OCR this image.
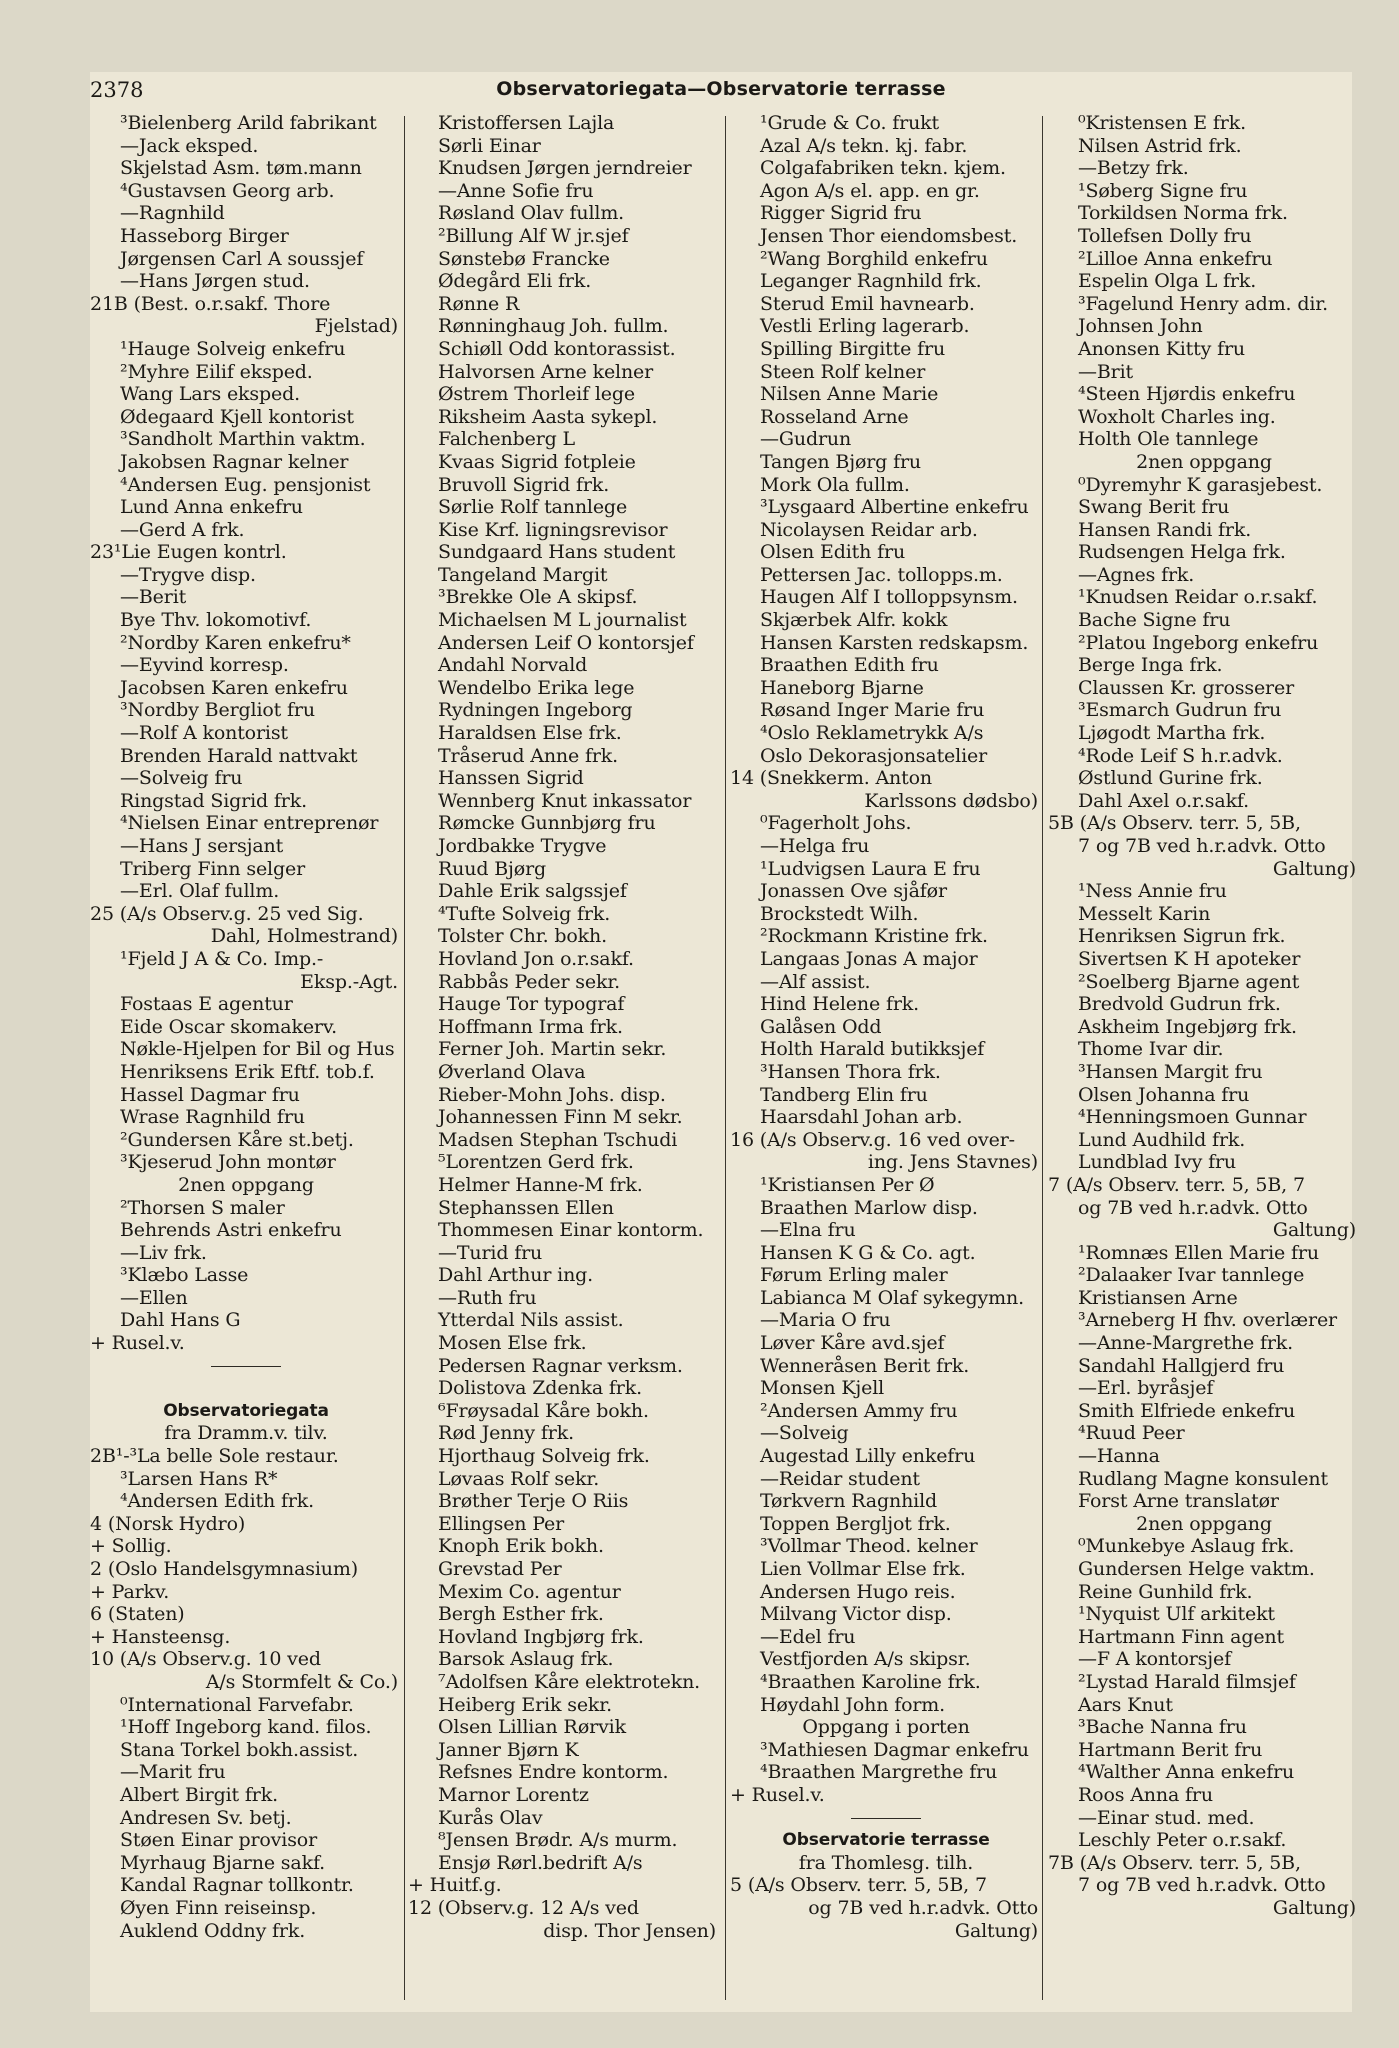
2378	Observatoriegata—Observatorie terrasse
³Bielenberg Arild fabrikant
—Jack eksped.
Skjelstad Asm. tøm.mann
⁴Gustavsen Georg arb.
—Ragnhild
Hasseborg Birger
Jørgensen Carl A soussjef
—Hans Jørgen stud.
21B (Best. o.r.sakf. Thore
Fjelstad)
¹Hauge Solveig enkefru
²Myhre Eilif eksped.
Wang Lars eksped.
Ødegaard Kjell kontorist
³Sandholt Marthin vaktm.
Jakobsen Ragnar kelner
⁴Andersen Eug. pensjonist
Lund Anna enkefru
—Gerd A frk.
23¹Lie Eugen kontrl.
—Trygve disp.
—Berit
Bye Thv. lokomotivf.
²Nordby Karen enkefru*
—Eyvind korresp.
Jacobsen Karen enkefru
³Nordby Bergliot fru
—Rolf A kontorist
Brenden Harald nattvakt
—Solveig fru
Ringstad Sigrid frk.
⁴Nielsen Einar entreprenør
—Hans J sersjant
Triberg Finn selger
—Erl. Olaf fullm.
25 (A/s Observ.g. 25 ved Sig.
Dahl, Holmestrand)
¹Fjeld J A & Co. Imp.-
Eksp.-Agt.
Fostaas E agentur
Eide Oscar skomakerv.
Nøkle-Hjelpen for Bil og Hus
Henriksens Erik Eftf. tob.f.
Hassel Dagmar fru
Wrase Ragnhild fru
²Gundersen Kåre st.betj.
³Kjeserud John montør
2nen oppgang
²Thorsen S maler
Behrends Astri enkefru
—Liv frk.
³Klæbo Lasse
—Ellen
Dahl Hans G
+ Rusel.v.
Observatoriegata
fra Dramm.v. tilv.
2B¹-³La belle Sole restaur.
³Larsen Hans R*
⁴Andersen Edith frk.
4 (Norsk Hydro)
+ Sollig.
2 (Oslo Handelsgymnasium)
+ Parkv.
6 (Staten)
+ Hansteensg.
10 (A/s Observ.g. 10 ved
A/s Stormfelt & Co.)
⁰International Farvefabr.
¹Hoff Ingeborg kand. filos.
Stana Torkel bokh.assist.
—Marit fru
Albert Birgit frk.
Andresen Sv. betj.
Støen Einar provisor
Myrhaug Bjarne sakf.
Kandal Ragnar tollkontr.
Øyen Finn reiseinsp.
Auklend Oddny frk.
Kristoffersen Lajla
Sørli Einar
Knudsen Jørgen jerndreier
—Anne Sofie fru
Røsland Olav fullm.
²Billung Alf W jr.sjef
Sønstebø Francke
Ødegård Eli frk.
Rønne R
Rønninghaug Joh. fullm.
Schiøll Odd kontorassist.
Halvorsen Arne kelner
Østrem Thorleif lege
Riksheim Aasta sykepl.
Falchenberg L
Kvaas Sigrid fotpleie
Bruvoll Sigrid frk.
Sørlie Rolf tannlege
Kise Krf. ligningsrevisor
Sundgaard Hans student
Tangeland Margit
³Brekke Ole A skipsf.
Michaelsen M L journalist
Andersen Leif O kontorsjef
Andahl Norvald
Wendelbo Erika lege
Rydningen Ingeborg
Haraldsen Else frk.
Tråserud Anne frk.
Hanssen Sigrid
Wennberg Knut inkassator
Rømcke Gunnbjørg fru
Jordbakke Trygve
Ruud Bjørg
Dahle Erik salgssjef
⁴Tufte Solveig frk.
Tolster Chr. bokh.
Hovland Jon o.r.sakf.
Rabbås Peder sekr.
Hauge Tor typograf
Hoffmann Irma frk.
Ferner Joh. Martin sekr.
Øverland Olava
Rieber-Mohn Johs. disp.
Johannessen Finn M sekr.
Madsen Stephan Tschudi
⁵Lorentzen Gerd frk.
Helmer Hanne-M frk.
Stephanssen Ellen
Thommesen Einar kontorm.
—Turid fru
Dahl Arthur ing.
—Ruth fru
Ytterdal Nils assist.
Mosen Else frk.
Pedersen Ragnar verksm.
Dolistova Zdenka frk.
⁶Frøysadal Kåre bokh.
Rød Jenny frk.
Hjorthaug Solveig frk.
Løvaas Rolf sekr.
Brøther Terje O Riis
Ellingsen Per
Knoph Erik bokh.
Grevstad Per
Mexim Co. agentur
Bergh Esther frk.
Hovland Ingbjørg frk.
Barsok Aslaug frk.
⁷Adolfsen Kåre elektrotekn.
Heiberg Erik sekr.
Olsen Lillian Rørvik
Janner Bjørn K
Refsnes Endre kontorm.
Marnor Lorentz
Kurås Olav
⁸Jensen Brødr. A/s murm.
Ensjø Rørl.bedrift A/s
+ Huitf.g.
12 (Observ.g. 12 A/s ved
disp. Thor Jensen)
¹Grude & Co. frukt
Azal A/s tekn. kj. fabr.
Colgafabriken tekn. kjem.
Agon A/s el. app. en gr.
Rigger Sigrid fru
Jensen Thor eiendomsbest.
²Wang Borghild enkefru
Leganger Ragnhild frk.
Sterud Emil havnearb.
Vestli Erling lagerarb.
Spilling Birgitte fru
Steen Rolf kelner
Nilsen Anne Marie
Rosseland Arne
—Gudrun
Tangen Bjørg fru
Mork Ola fullm.
³Lysgaard Albertine enkefru
Nicolaysen Reidar arb.
Olsen Edith fru
Pettersen Jac. tollopps.m.
Haugen Alf I tolloppsynsm.
Skjærbek Alfr. kokk
Hansen Karsten redskapsm.
Braathen Edith fru
Haneborg Bjarne
Røsand Inger Marie fru
⁴Oslo Reklametrykk A/s
Oslo Dekorasjonsatelier
14 (Snekkerm. Anton
Karlssons dødsbo)
⁰Fagerholt Johs.
—Helga fru
¹Ludvigsen Laura E fru
Jonassen Ove sjåfør
Brockstedt Wilh.
²Rockmann Kristine frk.
Langaas Jonas A major
—Alf assist.
Hind Helene frk.
Galåsen Odd
Holth Harald butikksjef
³Hansen Thora frk.
Tandberg Elin fru
Haarsdahl Johan arb.
16 (A/s Observ.g. 16 ved over-
ing. Jens Stavnes)
¹Kristiansen Per Ø
Braathen Marlow disp.
—Elna fru
Hansen K G & Co. agt.
Førum Erling maler
Labianca M Olaf sykegymn.
—Maria O fru
Løver Kåre avd.sjef
Wenneråsen Berit frk.
Monsen Kjell
²Andersen Ammy fru
—Solveig
Augestad Lilly enkefru
—Reidar student
Tørkvern Ragnhild
Toppen Bergljot frk.
³Vollmar Theod. kelner
Lien Vollmar Else frk.
Andersen Hugo reis.
Milvang Victor disp.
—Edel fru
Vestfjorden A/s skipsr.
⁴Braathen Karoline frk.
Høydahl John form.
Oppgang i porten
³Mathiesen Dagmar enkefru
⁴Braathen Margrethe fru
+ Rusel.v.
Observatorie terrasse
fra Thomlesg. tilh.
5 (A/s Observ. terr. 5, 5B, 7
og 7B ved h.r.advk. Otto
Galtung)
⁰Kristensen E frk.
Nilsen Astrid frk.
—Betzy frk.
¹Søberg Signe fru
Torkildsen Norma frk.
Tollefsen Dolly fru
²Lilloe Anna enkefru
Espelin Olga L frk.
³Fagelund Henry adm. dir.
Johnsen John
Anonsen Kitty fru
—Brit
⁴Steen Hjørdis enkefru
Woxholt Charles ing.
Holth Ole tannlege
2nen oppgang
⁰Dyremyhr K garasjebest.
Swang Berit fru
Hansen Randi frk.
Rudsengen Helga frk.
—Agnes frk.
¹Knudsen Reidar o.r.sakf.
Bache Signe fru
²Platou Ingeborg enkefru
Berge Inga frk.
Claussen Kr. grosserer
³Esmarch Gudrun fru
Ljøgodt Martha frk.
⁴Rode Leif S h.r.advk.
Østlund Gurine frk.
Dahl Axel o.r.sakf.
5B (A/s Observ. terr. 5, 5B,
7 og 7B ved h.r.advk. Otto
Galtung)
¹Ness Annie fru
Messelt Karin
Henriksen Sigrun frk.
Sivertsen K H apoteker
²Soelberg Bjarne agent
Bredvold Gudrun frk.
Askheim Ingebjørg frk.
Thome Ivar dir.
³Hansen Margit fru
Olsen Johanna fru
⁴Henningsmoen Gunnar
Lund Audhild frk.
Lundblad Ivy fru
7 (A/s Observ. terr. 5, 5B, 7
og 7B ved h.r.advk. Otto
Galtung)
¹Romnæs Ellen Marie fru
²Dalaaker Ivar tannlege
Kristiansen Arne
³Arneberg H fhv. overlærer
—Anne-Margrethe frk.
Sandahl Hallgjerd fru
—Erl. byråsjef
Smith Elfriede enkefru
⁴Ruud Peer
—Hanna
Rudlang Magne konsulent
Forst Arne translatør
2nen oppgang
⁰Munkebye Aslaug frk.
Gundersen Helge vaktm.
Reine Gunhild frk.
¹Nyquist Ulf arkitekt
Hartmann Finn agent
—F A kontorsjef
²Lystad Harald filmsjef
Aars Knut
³Bache Nanna fru
Hartmann Berit fru
⁴Walther Anna enkefru
Roos Anna fru
—Einar stud. med.
Leschly Peter o.r.sakf.
7B (A/s Observ. terr. 5, 5B,
7 og 7B ved h.r.advk. Otto
Galtung)
